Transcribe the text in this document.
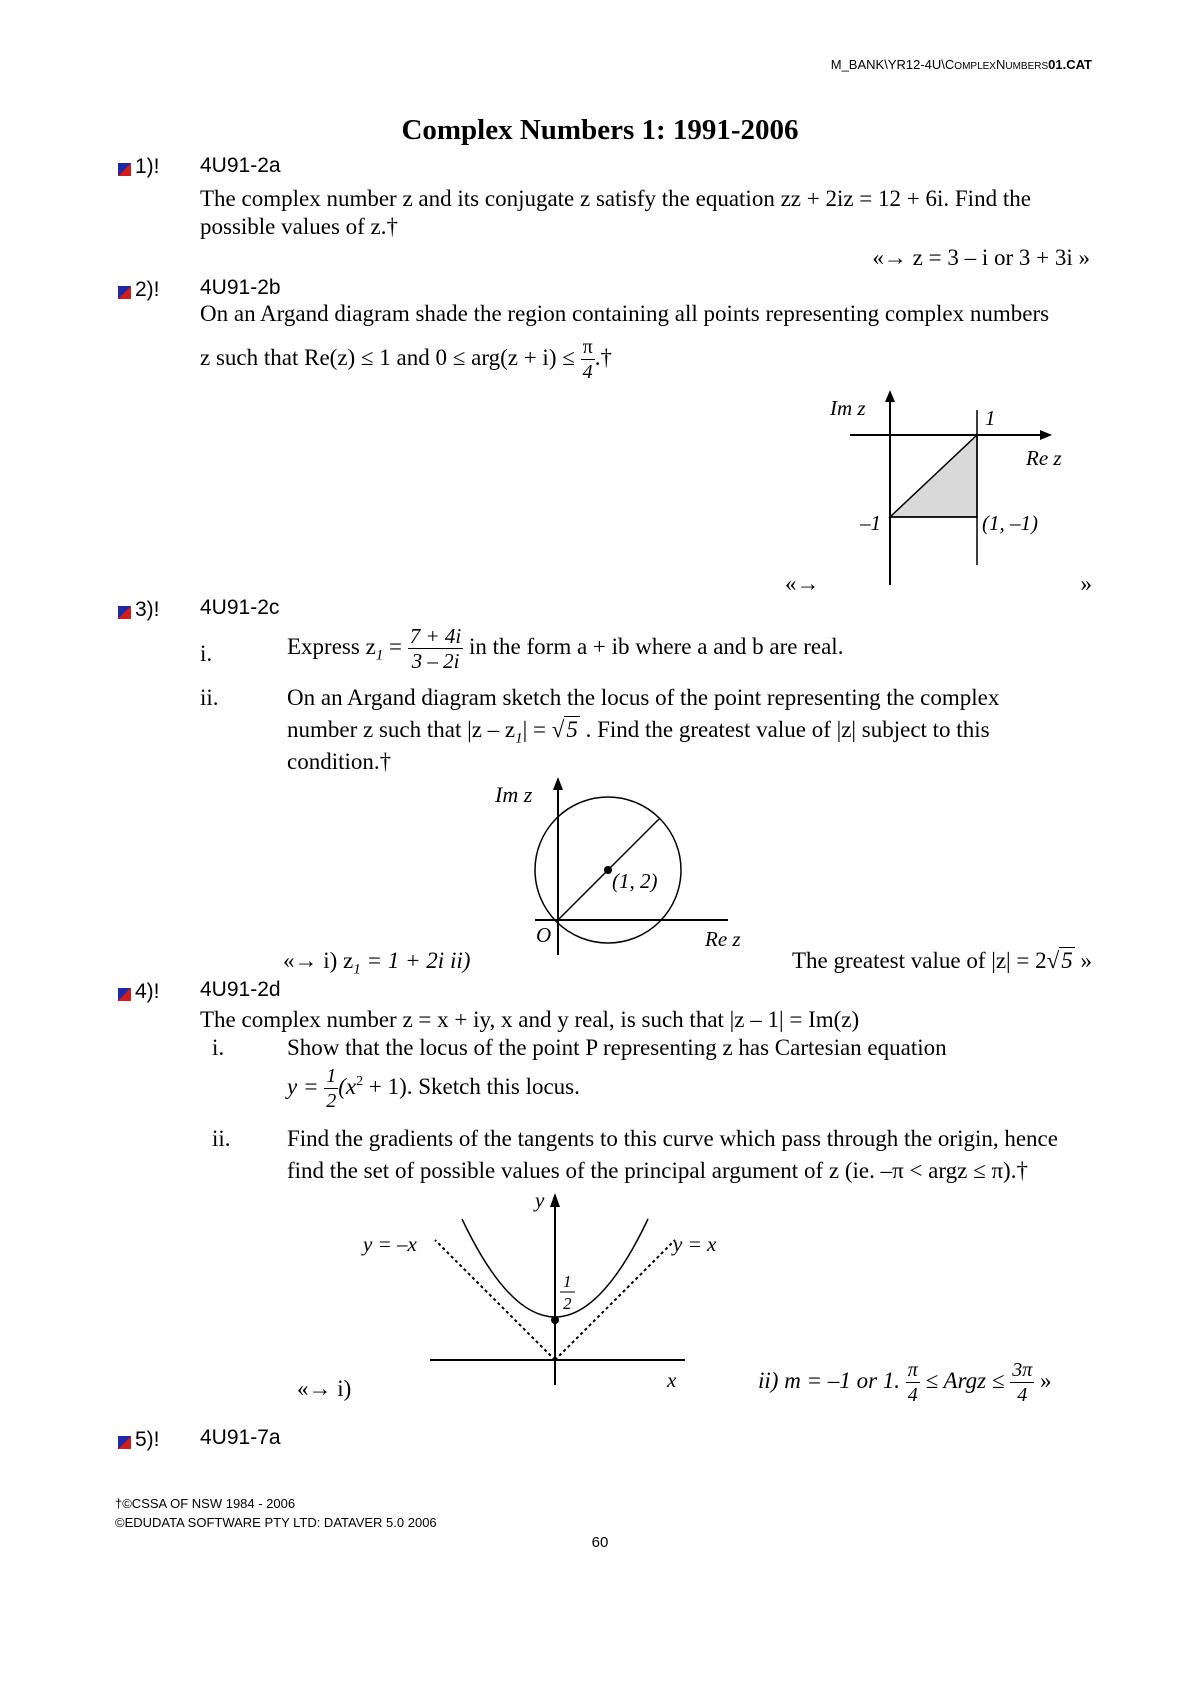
M_BANK\YR12-4U\COMPLEXNUMBERS01.CAT
Complex Numbers 1: 1991-2006
1)! 4U91-2a
The complex number z and its conjugate z satisfy the equation zz + 2iz = 12 + 6i. Find the
possible values of z.†
«→ z = 3 – i or 3 + 3i »
2)! 4U91-2b
On an Argand diagram shade the region containing all points representing complex numbers
z such that Re(z) ≤ 1 and $0 \le arg(z + i) \le \frac{\pi}{4}$ .†
Im z	1
Re z
–1	(1, –1)
«→	»
3)! 4U91-2c
i.	Express $z_1 = \frac{7 + 4i}{3 - 2i}$ in the form a + ib where a and b are real.
ii.	On an Argand diagram sketch the locus of the point representing the complex
number z such that $|z - z_1| = √5$ . Find the greatest value of |z| subject to this
condition.†
Im z
(1, 2)
O	Re z
«→ i) $z_1 = 1 + 2i$ ii)	The greatest value of |z| = 2√5 »
4)! 4U91-2d
The complex number z = x + iy, x and y real, is such that |z – 1| = Im(z)
i.	Show that the locus of the point P representing z has Cartesian equation
$y = \frac{1}{2} (x^2 + 1)$. Sketch this locus.
ii. Find the gradients of the tangents to this curve which pass through the origin, hence
find the set of possible values of the principal argument of z (ie. –π < argz ≤ π).†
y
x
y = –x	y = x
1
2
«→ i)	ii) m = –1 or 1. $\frac{\pi}{4}$ ≤ Argz ≤ $\frac{3\pi}{4}$ »
5)! 4U91-7a
†©CSSA OF NSW 1984 - 2006
©EDUDATA SOFTWARE PTY LTD: DATAVER 5.0 2006
60
